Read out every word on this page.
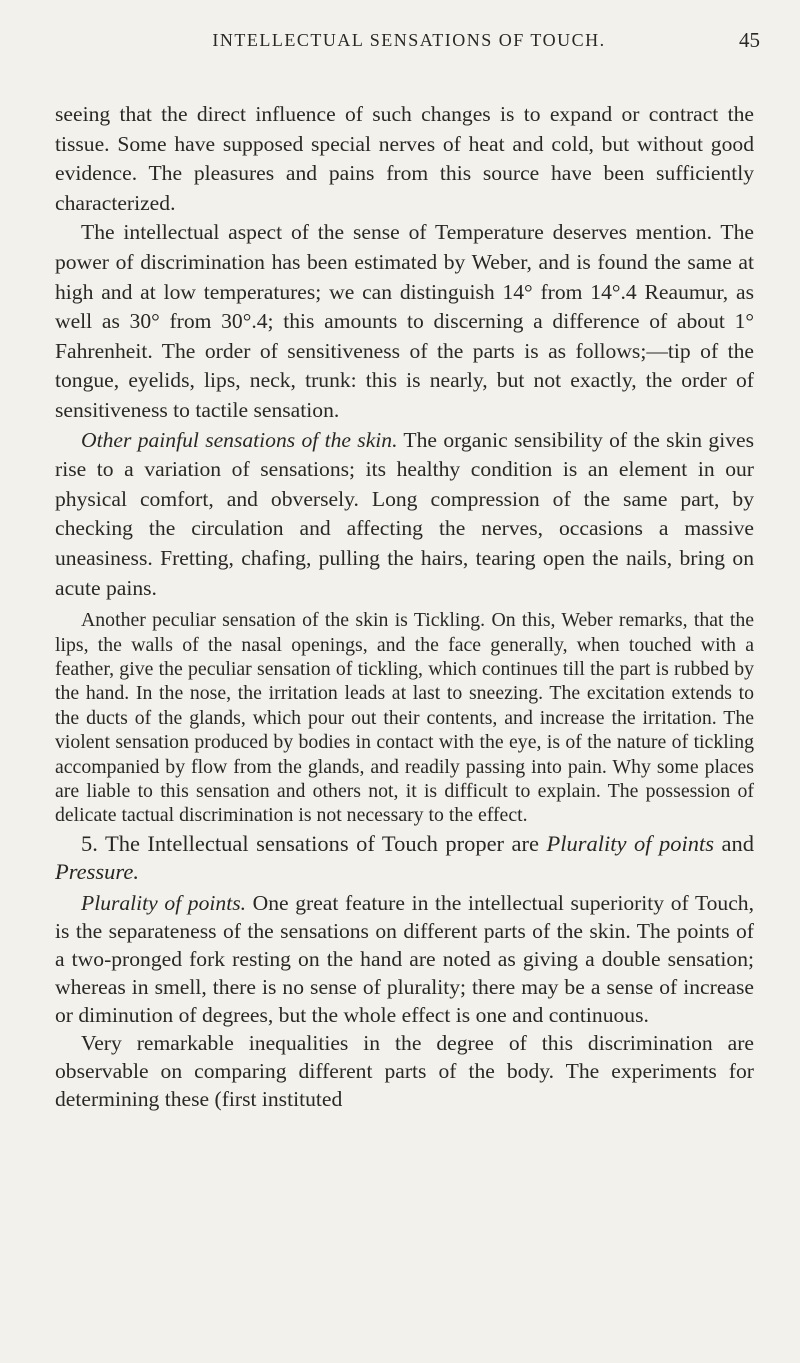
INTELLECTUAL SENSATIONS OF TOUCH.	45

seeing that the direct influence of such changes is to expand or contract the tissue. Some have supposed special nerves of heat and cold, but without good evidence. The pleasures and pains from this source have been sufficiently characterized.

The intellectual aspect of the sense of Temperature deserves mention. The power of discrimination has been estimated by Weber, and is found the same at high and at low temperatures; we can distinguish 14° from 14°.4 Reaumur, as well as 30° from 30°.4; this amounts to discerning a difference of about 1° Fahrenheit. The order of sensitiveness of the parts is as follows;—tip of the tongue, eyelids, lips, neck, trunk: this is nearly, but not exactly, the order of sensitiveness to tactile sensation.

Other painful sensations of the skin. The organic sensibility of the skin gives rise to a variation of sensations; its healthy condition is an element in our physical comfort, and obversely. Long compression of the same part, by checking the circulation and affecting the nerves, occasions a massive uneasiness. Fretting, chafing, pulling the hairs, tearing open the nails, bring on acute pains.

Another peculiar sensation of the skin is Tickling. On this, Weber remarks, that the lips, the walls of the nasal openings, and the face generally, when touched with a feather, give the peculiar sensation of tickling, which continues till the part is rubbed by the hand. In the nose, the irritation leads at last to sneezing. The excitation extends to the ducts of the glands, which pour out their contents, and increase the irritation. The violent sensation produced by bodies in contact with the eye, is of the nature of tickling accompanied by flow from the glands, and readily passing into pain. Why some places are liable to this sensation and others not, it is difficult to explain. The possession of delicate tactual discrimination is not necessary to the effect.

5. The Intellectual sensations of Touch proper are Plurality of points and Pressure.

Plurality of points. One great feature in the intellectual superiority of Touch, is the separateness of the sensations on different parts of the skin. The points of a two-pronged fork resting on the hand are noted as giving a double sensation; whereas in smell, there is no sense of plurality; there may be a sense of increase or diminution of degrees, but the whole effect is one and continuous.

Very remarkable inequalities in the degree of this discrimination are observable on comparing different parts of the body. The experiments for determining these (first instituted
